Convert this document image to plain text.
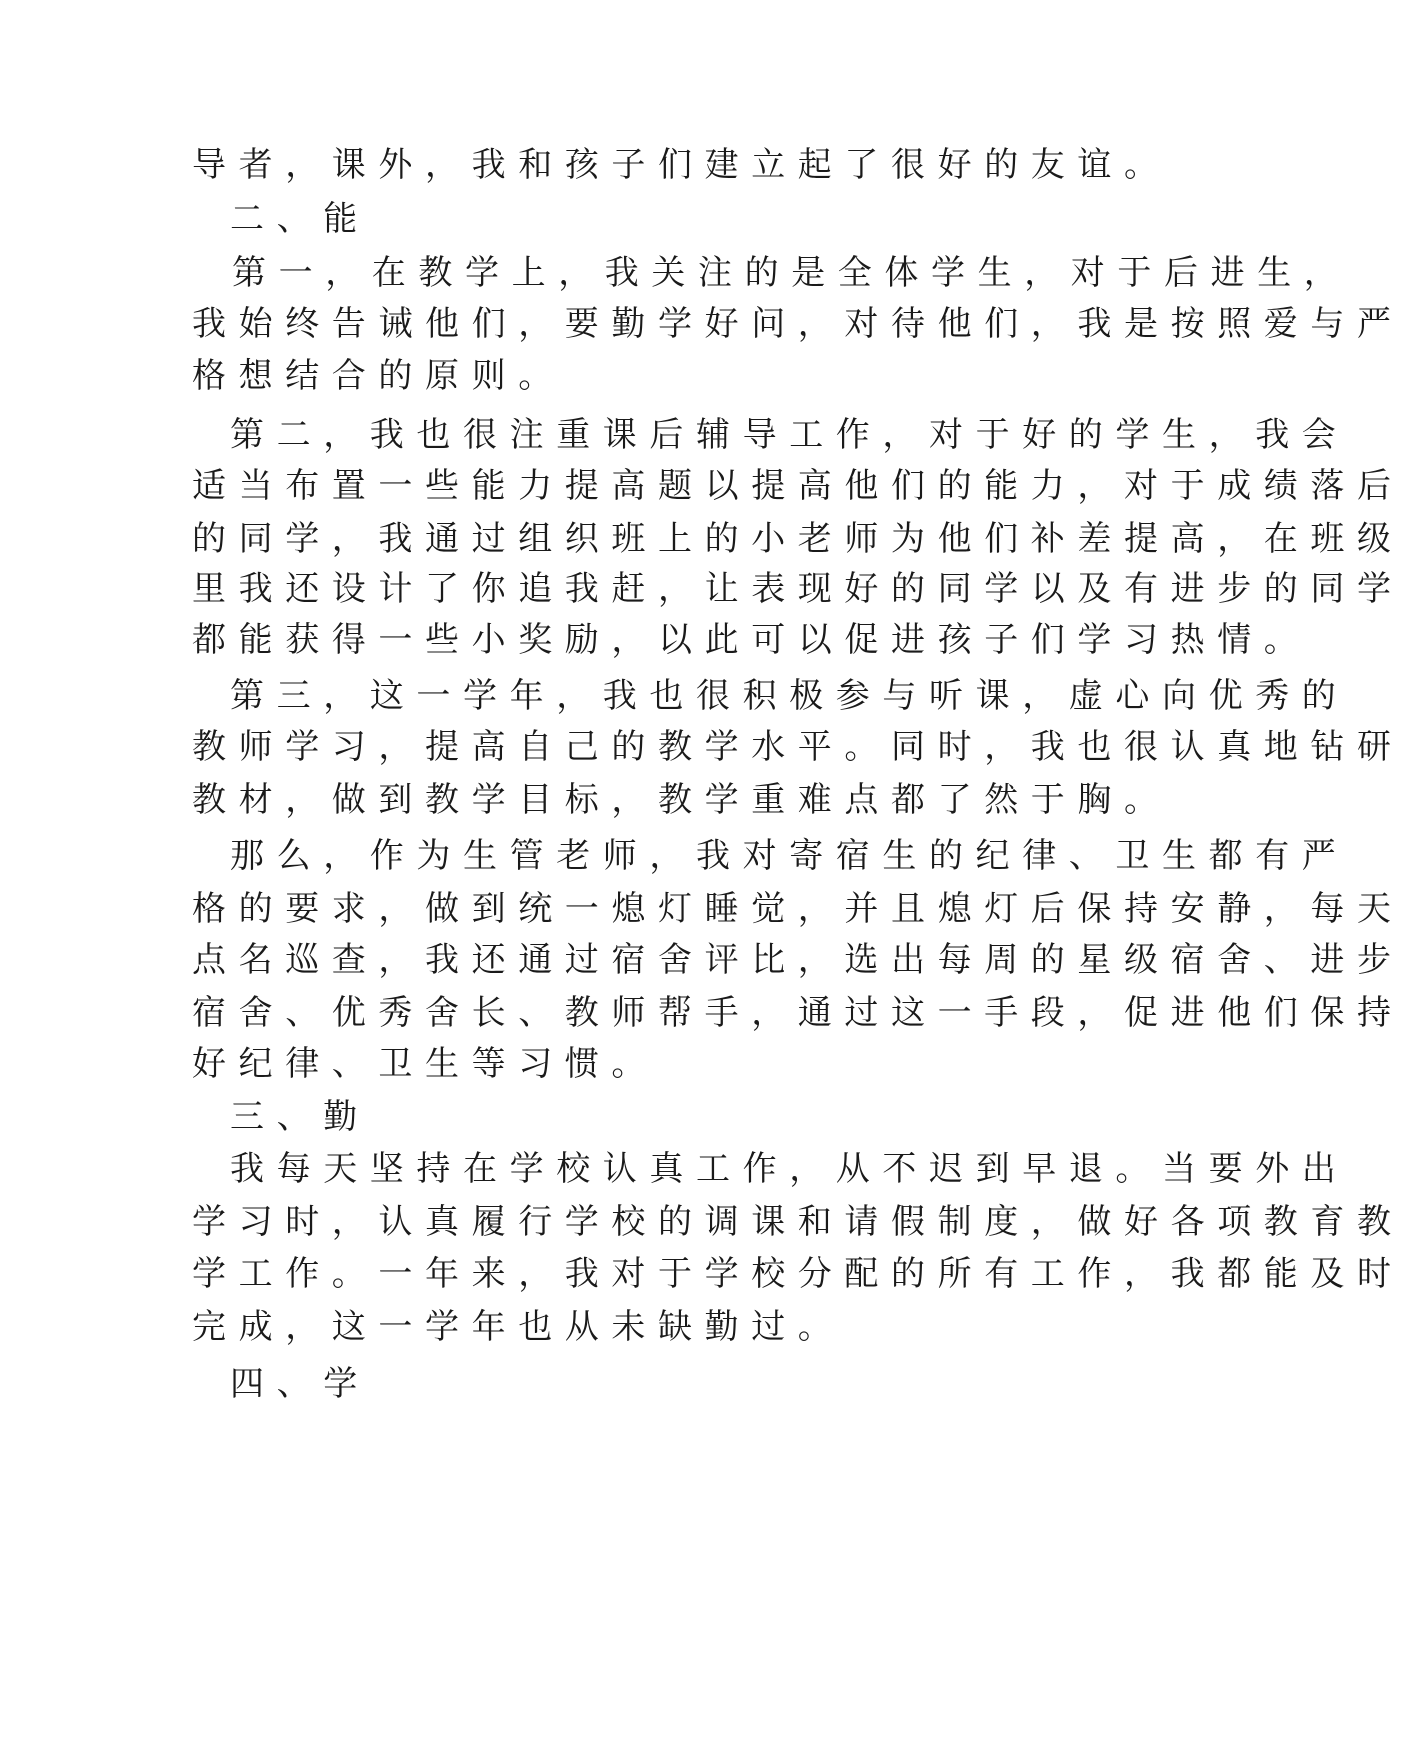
导者，课外，我和孩子们建立起了很好的友谊。
二、能
第一，在教学上，我关注的是全体学生，对于后进生，
我始终告诫他们，要勤学好问，对待他们，我是按照爱与严
格想结合的原则。
第二，我也很注重课后辅导工作，对于好的学生，我会
适当布置一些能力提高题以提高他们的能力，对于成绩落后
的同学，我通过组织班上的小老师为他们补差提高，在班级
里我还设计了你追我赶，让表现好的同学以及有进步的同学
都能获得一些小奖励，以此可以促进孩子们学习热情。
第三，这一学年，我也很积极参与听课，虚心向优秀的
教师学习，提高自己的教学水平。同时，我也很认真地钻研
教材，做到教学目标，教学重难点都了然于胸。
那么，作为生管老师，我对寄宿生的纪律、卫生都有严
格的要求，做到统一熄灯睡觉，并且熄灯后保持安静，每天
点名巡查，我还通过宿舍评比，选出每周的星级宿舍、进步
宿舍、优秀舍长、教师帮手，通过这一手段，促进他们保持
好纪律、卫生等习惯。
三、勤
我每天坚持在学校认真工作，从不迟到早退。当要外出
学习时，认真履行学校的调课和请假制度，做好各项教育教
学工作。一年来，我对于学校分配的所有工作，我都能及时
完成，这一学年也从未缺勤过。
四、学
